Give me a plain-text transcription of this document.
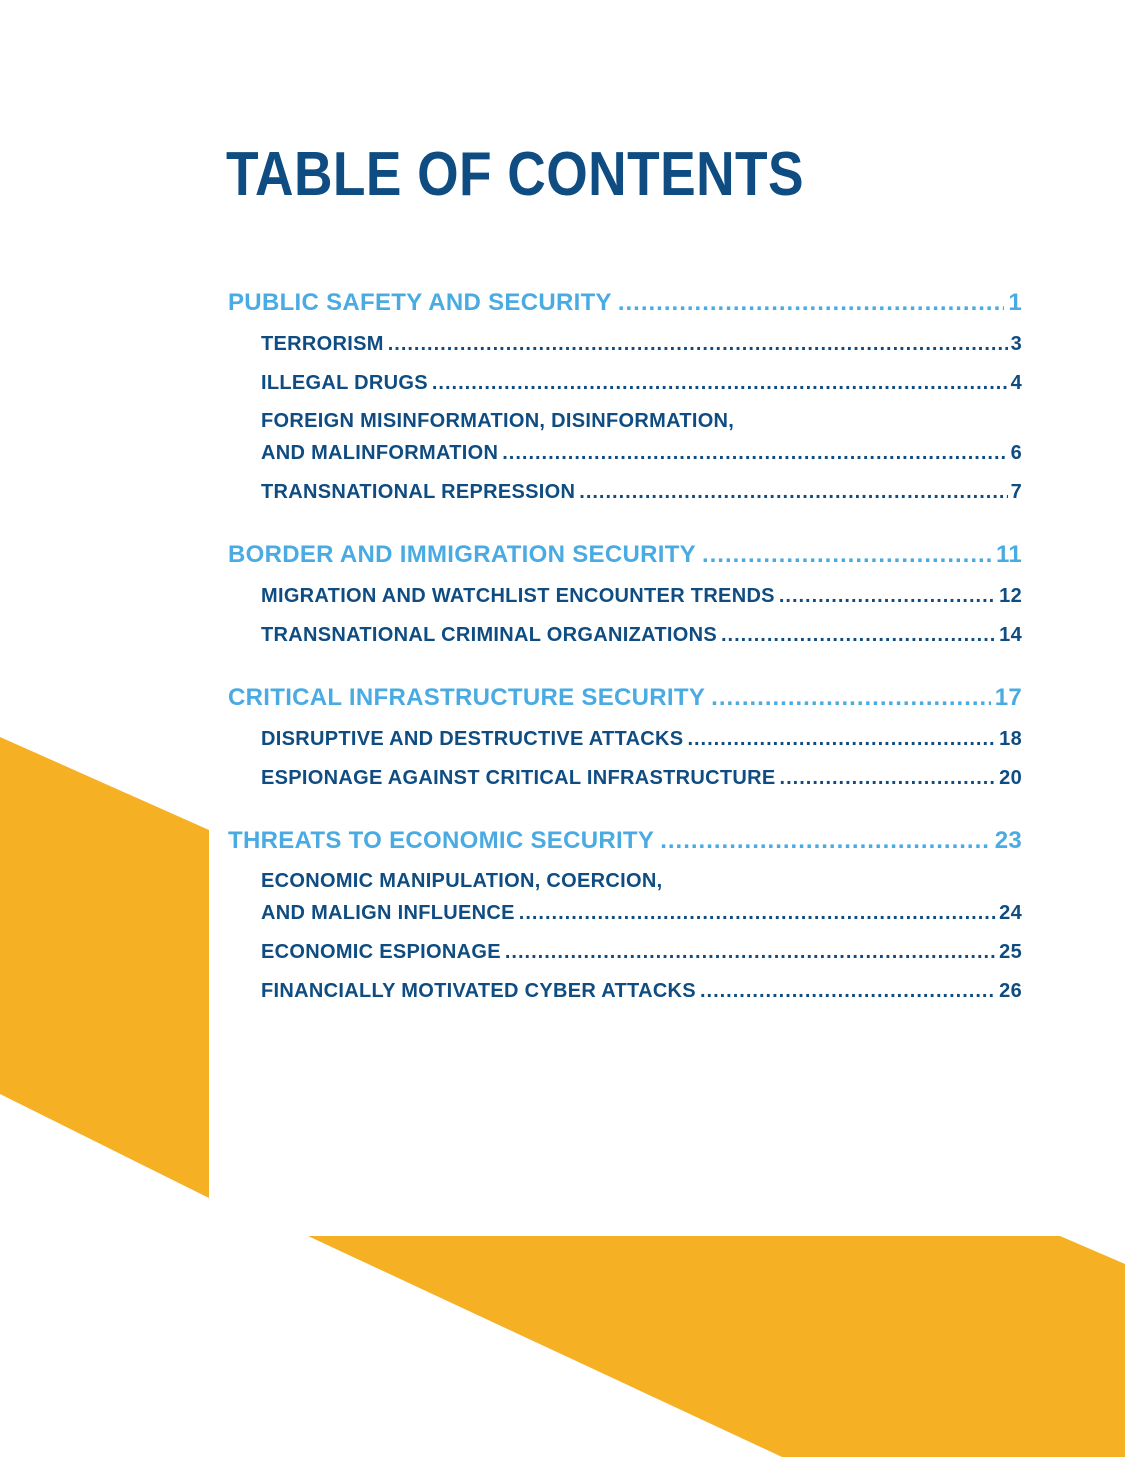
TABLE OF CONTENTS
PUBLIC SAFETY AND SECURITY .....	1
TERRORISM .....	3
ILLEGAL DRUGS .....	4
FOREIGN MISINFORMATION, DISINFORMATION,
AND MALINFORMATION .....	6
TRANSNATIONAL REPRESSION .....	7
BORDER AND IMMIGRATION SECURITY .....	11
MIGRATION AND WATCHLIST ENCOUNTER TRENDS .....	12
TRANSNATIONAL CRIMINAL ORGANIZATIONS .....	14
CRITICAL INFRASTRUCTURE SECURITY .....	17
DISRUPTIVE AND DESTRUCTIVE ATTACKS .....	18
ESPIONAGE AGAINST CRITICAL INFRASTRUCTURE .....	20
THREATS TO ECONOMIC SECURITY .....	23
ECONOMIC MANIPULATION, COERCION,
AND MALIGN INFLUENCE .....	24
ECONOMIC ESPIONAGE .....	25
FINANCIALLY MOTIVATED CYBER ATTACKS .....	26
